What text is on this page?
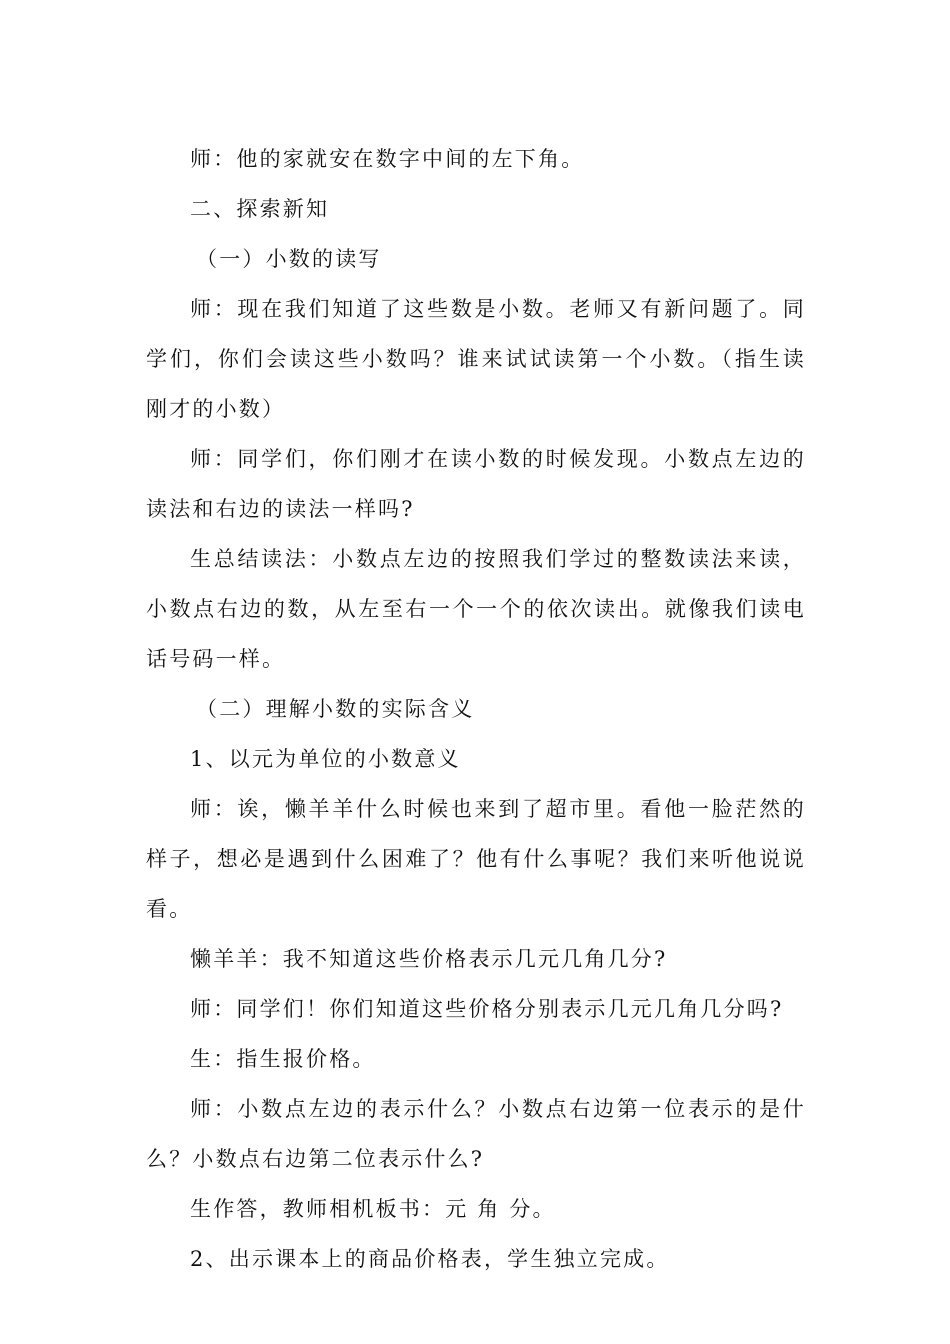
师：他的家就安在数字中间的左下角。

二、探索新知

（一）小数的读写

师：现在我们知道了这些数是小数。老师又有新问题了。同学们，你们会读这些小数吗？谁来试试读第一个小数。（指生读刚才的小数）

师：同学们，你们刚才在读小数的时候发现。小数点左边的读法和右边的读法一样吗?

生总结读法：小数点左边的按照我们学过的整数读法来读，小数点右边的数，从左至右一个一个的依次读出。就像我们读电话号码一样。

（二）理解小数的实际含义

1、以元为单位的小数意义

师：诶，懒羊羊什么时候也来到了超市里。看他一脸茫然的样子，想必是遇到什么困难了？他有什么事呢？我们来听他说说看。

懒羊羊：我不知道这些价格表示几元几角几分?

师：同学们！你们知道这些价格分别表示几元几角几分吗?

生：指生报价格。

师：小数点左边的表示什么？小数点右边第一位表示的是什么？小数点右边第二位表示什么?

生作答，教师相机板书：元 角 分。

2、出示课本上的商品价格表，学生独立完成。
